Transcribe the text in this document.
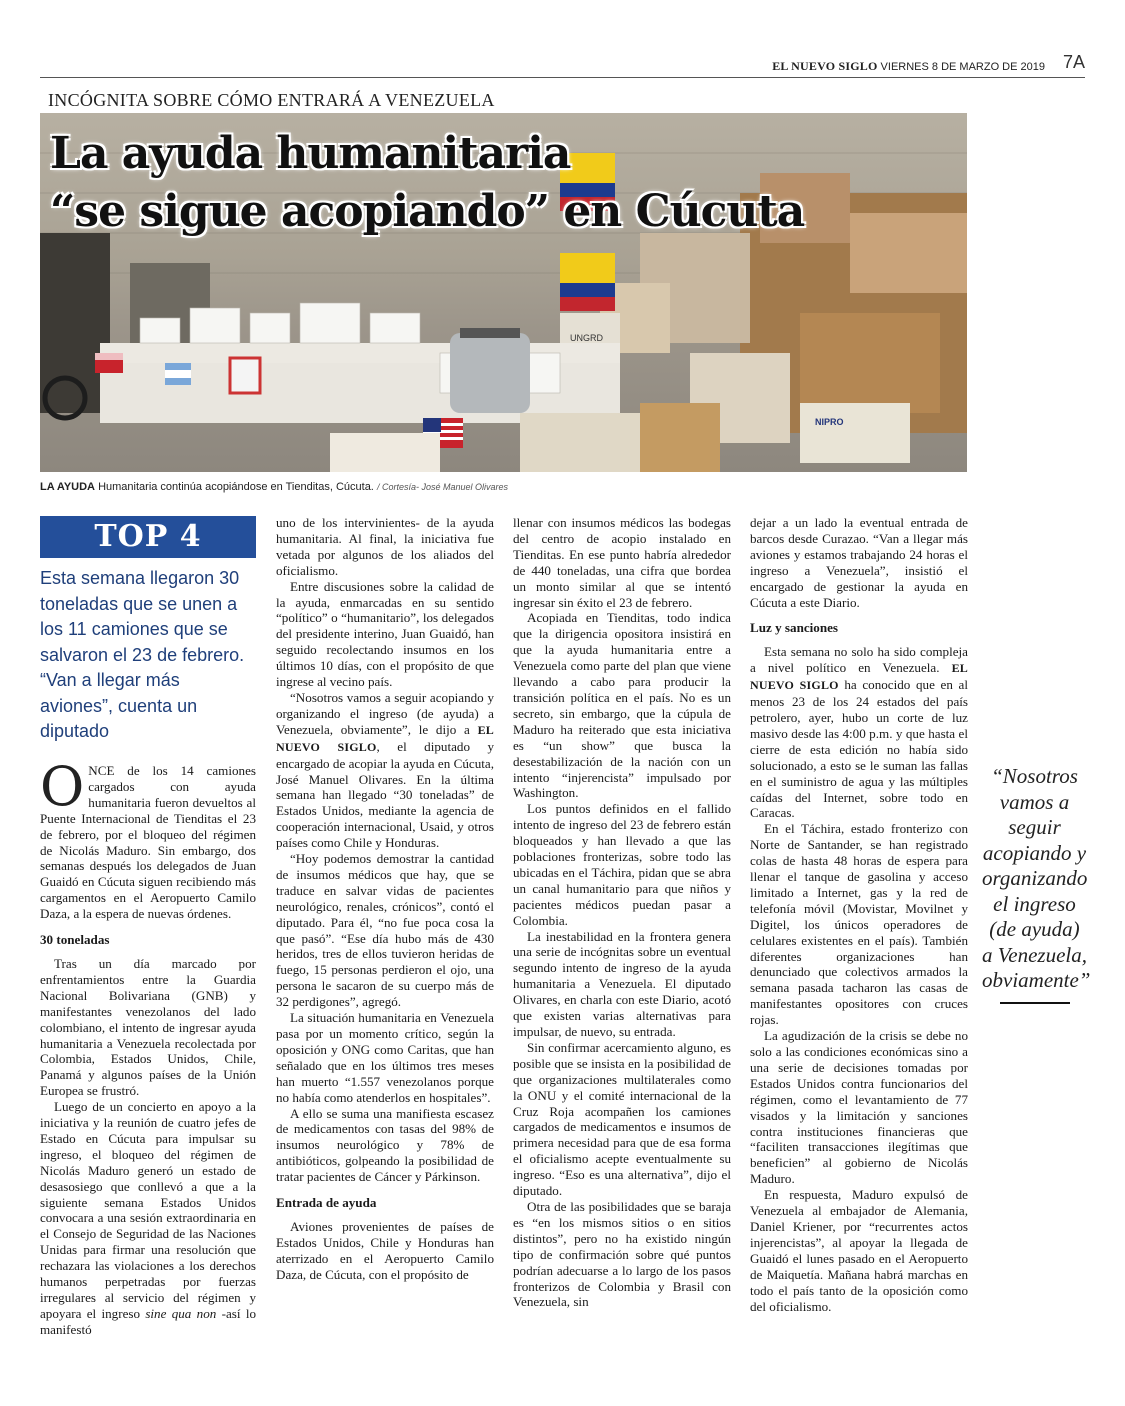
EL NUEVO SIGLO VIERNES 8 DE MARZO DE 2019 7A
INCÓGNITA SOBRE CÓMO ENTRARÁ A VENEZUELA
UNGRD
NIPRO
La ayuda humanitaria
“se sigue acopiando” en Cúcuta
LA AYUDA Humanitaria continúa acopiándose en Tienditas, Cúcuta. / Cortesía- José Manuel Olivares
TOP 4
Esta semana llegaron 30 toneladas que se unen a los 11 camiones que se salvaron el 23 de febrero. “Van a llegar más aviones”, cuenta un diputado

ONCE de los 14 camiones cargados con ayuda humanitaria fueron devueltos al Puente Internacional de Tienditas el 23 de febrero, por el bloqueo del régimen de Nicolás Maduro. Sin embargo, dos semanas después los delegados de Juan Guaidó en Cúcuta siguen recibiendo más cargamentos en el Aeropuerto Camilo Daza, a la espera de nuevas órdenes.

30 toneladas

Tras un día marcado por enfrentamientos entre la Guardia Nacional Bolivariana (GNB) y manifestantes venezolanos del lado colombiano, el intento de ingresar ayuda humanitaria a Venezuela recolectada por Colombia, Estados Unidos, Chile, Panamá y algunos países de la Unión Europea se frustró.

Luego de un concierto en apoyo a la iniciativa y la reunión de cuatro jefes de Estado en Cúcuta para impulsar su ingreso, el bloqueo del régimen de Nicolás Maduro generó un estado de desasosiego que conllevó a que a la siguiente semana Estados Unidos convocara a una sesión extraordinaria en el Consejo de Seguridad de las Naciones Unidas para firmar una resolución que rechazara las violaciones a los derechos humanos perpetradas por fuerzas irregulares al servicio del régimen y apoyara el ingreso sine qua non -así lo manifestó

uno de los intervinientes- de la ayuda humanitaria. Al final, la iniciativa fue vetada por algunos de los aliados del oficialismo.

Entre discusiones sobre la calidad de la ayuda, enmarcadas en su sentido “político” o “humanitario”, los delegados del presidente interino, Juan Guaidó, han seguido recolectando insumos en los últimos 10 días, con el propósito de que ingrese al vecino país.

“Nosotros vamos a seguir acopiando y organizando el ingreso (de ayuda) a Venezuela, obviamente”, le dijo a EL NUEVO SIGLO, el diputado y encargado de acopiar la ayuda en Cúcuta, José Manuel Olivares. En la última semana han llegado “30 toneladas” de Estados Unidos, mediante la agencia de cooperación internacional, Usaid, y otros países como Chile y Honduras.

“Hoy podemos demostrar la cantidad de insumos médicos que hay, que se traduce en salvar vidas de pacientes neurológico, renales, crónicos”, contó el diputado. Para él, “no fue poca cosa la que pasó”. “Ese día hubo más de 430 heridos, tres de ellos tuvieron heridas de fuego, 15 personas perdieron el ojo, una persona le sacaron de su cuerpo más de 32 perdigones”, agregó.

La situación humanitaria en Venezuela pasa por un momento crítico, según la oposición y ONG como Caritas, que han señalado que en los últimos tres meses han muerto “1.557 venezolanos porque no había como atenderlos en hospitales”.

A ello se suma una manifiesta escasez de medicamentos con tasas del 98% de insumos neurológico y 78% de antibióticos, golpeando la posibilidad de tratar pacientes de Cáncer y Párkinson.

Entrada de ayuda

Aviones provenientes de países de Estados Unidos, Chile y Honduras han aterrizado en el Aeropuerto Camilo Daza, de Cúcuta, con el propósito de

llenar con insumos médicos las bodegas del centro de acopio instalado en Tienditas. En ese punto habría alrededor de 440 toneladas, una cifra que bordea un monto similar al que se intentó ingresar sin éxito el 23 de febrero.

Acopiada en Tienditas, todo indica que la dirigencia opositora insistirá en que la ayuda humanitaria entre a Venezuela como parte del plan que viene llevando a cabo para producir la transición política en el país. No es un secreto, sin embargo, que la cúpula de Maduro ha reiterado que esta iniciativa es “un show” que busca la desestabilización de la nación con un intento “injerencista” impulsado por Washington.

Los puntos definidos en el fallido intento de ingreso del 23 de febrero están bloqueados y han llevado a que las poblaciones fronterizas, sobre todo las ubicadas en el Táchira, pidan que se abra un canal humanitario para que niños y pacientes médicos puedan pasar a Colombia.

La inestabilidad en la frontera genera una serie de incógnitas sobre un eventual segundo intento de ingreso de la ayuda humanitaria a Venezuela. El diputado Olivares, en charla con este Diario, acotó que existen varias alternativas para impulsar, de nuevo, su entrada.

Sin confirmar acercamiento alguno, es posible que se insista en la posibilidad de que organizaciones multilaterales como la ONU y el comité internacional de la Cruz Roja acompañen los camiones cargados de medicamentos e insumos de primera necesidad para que de esa forma el oficialismo acepte eventualmente su ingreso. “Eso es una alternativa”, dijo el diputado.

Otra de las posibilidades que se baraja es “en los mismos sitios o en sitios distintos”, pero no ha existido ningún tipo de confirmación sobre qué puntos podrían adecuarse a lo largo de los pasos fronterizos de Colombia y Brasil con Venezuela, sin

dejar a un lado la eventual entrada de barcos desde Curazao. “Van a llegar más aviones y estamos trabajando 24 horas el ingreso a Venezuela”, insistió el encargado de gestionar la ayuda en Cúcuta a este Diario.

Luz y sanciones

Esta semana no solo ha sido compleja a nivel político en Venezuela. EL NUEVO SIGLO ha conocido que en al menos 23 de los 24 estados del país petrolero, ayer, hubo un corte de luz masivo desde las 4:00 p.m. y que hasta el cierre de esta edición no había sido solucionado, a esto se le suman las fallas en el suministro de agua y las múltiples caídas del Internet, sobre todo en Caracas.

En el Táchira, estado fronterizo con Norte de Santander, se han registrado colas de hasta 48 horas de espera para llenar el tanque de gasolina y acceso limitado a Internet, gas y la red de telefonía móvil (Movistar, Movilnet y Digitel, los únicos operadores de celulares existentes en el país). También diferentes organizaciones han denunciado que colectivos armados la semana pasada tacharon las casas de manifestantes opositores con cruces rojas.

La agudización de la crisis se debe no solo a las condiciones económicas sino a una serie de decisiones tomadas por Estados Unidos contra funcionarios del régimen, como el levantamiento de 77 visados y la limitación y sanciones contra instituciones financieras que “faciliten transacciones ilegítimas que beneficien” al gobierno de Nicolás Maduro.

En respuesta, Maduro expulsó de Venezuela al embajador de Alemania, Daniel Kriener, por “recurrentes actos injerencistas”, al apoyar la llegada de Guaidó el lunes pasado en el Aeropuerto de Maiquetía. Mañana habrá marchas en todo el país tanto de la oposición como del oficialismo.

“Nosotros vamos a seguir acopiando y organizando el ingreso (de ayuda) a Venezuela, obviamente”
